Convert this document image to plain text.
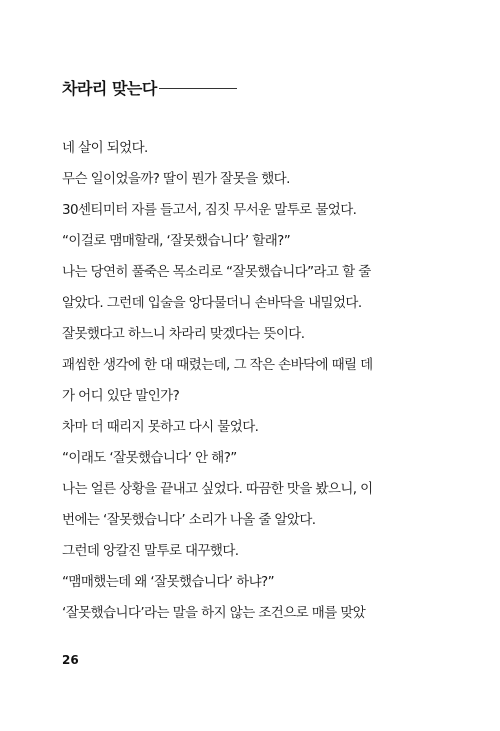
차라리 맞는다
네 살이 되었다.
무슨 일이었을까? 딸이 뭔가 잘못을 했다.
30센티미터 자를 들고서, 짐짓 무서운 말투로 물었다.
“이걸로 맴매할래, ‘잘못했습니다’ 할래?”
나는 당연히 풀죽은 목소리로 “잘못했습니다”라고 할 줄
알았다. 그런데 입술을 앙다물더니 손바닥을 내밀었다.
잘못했다고 하느니 차라리 맞겠다는 뜻이다.
괘씸한 생각에 한 대 때렸는데, 그 작은 손바닥에 때릴 데
가 어디 있단 말인가?
차마 더 때리지 못하고 다시 물었다.
“이래도 ‘잘못했습니다’ 안 해?”
나는 얼른 상황을 끝내고 싶었다. 따끔한 맛을 봤으니, 이
번에는 ‘잘못했습니다’ 소리가 나올 줄 알았다.
그런데 앙칼진 말투로 대꾸했다.
“맴매했는데 왜 ‘잘못했습니다’ 하냐?”
‘잘못했습니다’라는 말을 하지 않는 조건으로 매를 맞았
26
